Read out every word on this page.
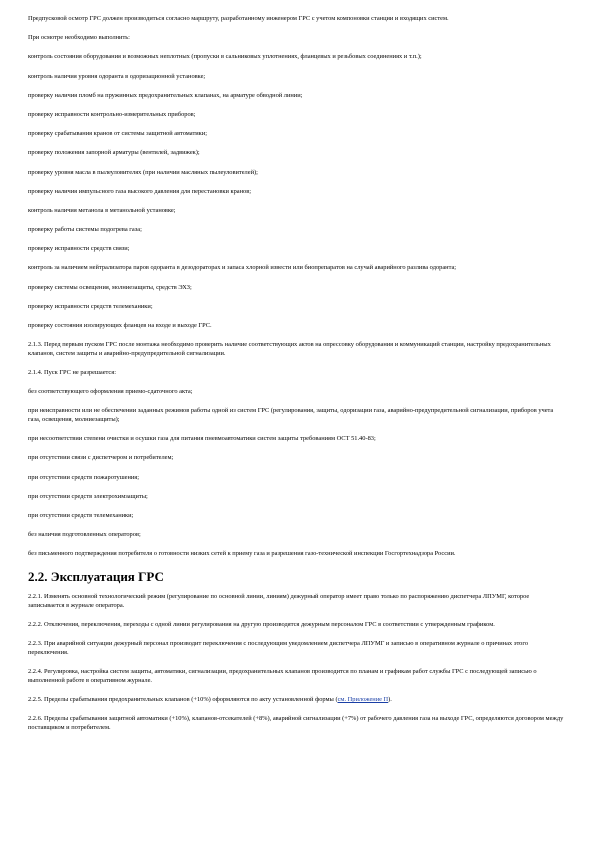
Предпусковой осмотр ГРС должен производиться согласно маршруту, разработанному инженером ГРС с учетом компоновки станции и входящих систем.
При осмотре необходимо выполнить:
контроль состояния оборудования и возможных неплотных (пропуски в сальниковых уплотнениях, фланцевых и резьбовых соединениях и т.п.);
контроль наличия уровня одоранта в одоризационной установке;
проверку наличия пломб на пружинных предохранительных клапанах, на арматуре обводной линии;
проверку исправности контрольно-измерительных приборов;
проверку срабатывания кранов от системы защитной автоматики;
проверку положения запорной арматуры (вентилей, задвижек);
проверку уровня масла в пылеуловителях (при наличии масляных пылеуловителей);
проверку наличия импульсного газа высокого давления для перестановки кранов;
контроль наличия метанола в метанольной установке;
проверку работы системы подогрева газа;
проверку исправности средств связи;
контроль за наличием нейтрализатора паров одоранта в дезодораторах и запаса хлорной извести или биопрепаратов на случай аварийного разлива одоранта;
проверку системы освещения, молниезащиты, средств ЭХЗ;
проверку исправности средств телемеханики;
проверку состояния изолирующих фланцев на входе и выходе ГРС.
2.1.3. Перед первым пуском ГРС после монтажа необходимо проверить наличие соответствующих актов на опрессовку оборудования и коммуникаций станции, настройку предохранительных клапанов, систем защиты и аварийно-предупредительной сигнализации.
2.1.4. Пуск ГРС не разрешается:
без соответствующего оформления приемо-сдаточного акта;
при неисправности или не обеспечении заданных режимов работы одной из систем ГРС (регулирования, защиты, одоризации газа, аварийно-предупредительной сигнализации, приборов учета газа, освещения, молниезащиты);
при несоответствии степени очистки и осушки газа для питания пневмоавтоматики систем защиты требованиям ОСТ 51.40-83;
при отсутствии связи с диспетчером и потребителем;
при отсутствии средств пожаротушения;
при отсутствии средств электрохимзащиты;
при отсутствии средств телемеханики;
без наличия подготовленных операторов;
без письменного подтверждения потребителя о готовности низких сетей к приему газа и разрешения газо-технической инспекции Госгортехнадзора России.
2.2. Эксплуатация ГРС
2.2.1. Изменять основной технологический режим (регулирование по основной линии, линиям) дежурный оператор имеет право только по распоряжению диспетчера ЛПУМГ, которое записывается в журнале оператора.
2.2.2. Отключения, переключения, переходы с одной линии регулирования на другую производятся дежурным персоналом ГРС в соответствии с утвержденным графиком.
2.2.3. При аварийной ситуации дежурный персонал производит переключения с последующим уведомлением диспетчера ЛПУМГ и записью в оперативном журнале о причинах этого переключения.
2.2.4. Регулировка, настройка систем защиты, автоматики, сигнализации, предохранительных клапанов производится по планам и графикам работ службы ГРС с последующей записью о выполненной работе в оперативном журнале.
2.2.5. Пределы срабатывания предохранительных клапанов (+10%) оформляются по акту установленной формы (см. Приложение П).
2.2.6. Пределы срабатывания защитной автоматики (+10%), клапанов-отсекателей (+8%), аварийной сигнализации (+7%) от рабочего давления газа на выходе ГРС, определяются договором между поставщиком и потребителем.
